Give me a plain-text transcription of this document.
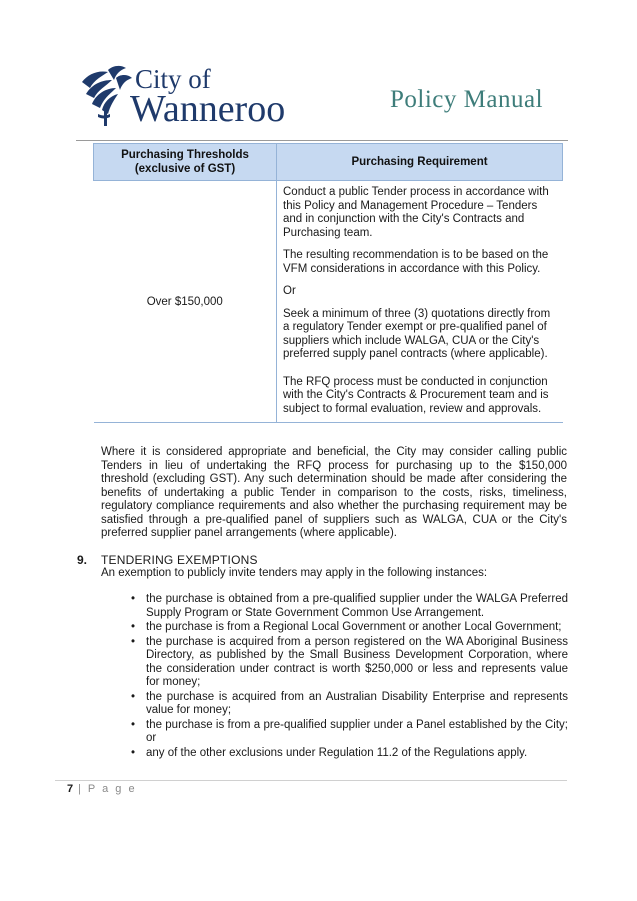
City of
Wanneroo	Policy Manual
Purchasing Thresholds (exclusive of GST)	Purchasing Requirement
Over $150,000	Conduct a public Tender process in accordance with this Policy and Management Procedure – Tenders and in conjunction with the City's Contracts and Purchasing team.

The resulting recommendation is to be based on the VFM considerations in accordance with this Policy.

Or

Seek a minimum of three (3) quotations directly from a regulatory Tender exempt or pre-qualified panel of suppliers which include WALGA, CUA or the City's preferred supply panel contracts (where applicable).

The RFQ process must be conducted in conjunction with the City's Contracts & Procurement team and is subject to formal evaluation, review and approvals.

Where it is considered appropriate and beneficial, the City may consider calling public Tenders in lieu of undertaking the RFQ process for purchasing up to the $150,000 threshold (excluding GST). Any such determination should be made after considering the benefits of undertaking a public Tender in comparison to the costs, risks, timeliness, regulatory compliance requirements and also whether the purchasing requirement may be satisfied through a pre-qualified panel of suppliers such as WALGA, CUA or the City's preferred supplier panel arrangements (where applicable).

9. TENDERING EXEMPTIONS

An exemption to publicly invite tenders may apply in the following instances:

• the purchase is obtained from a pre-qualified supplier under the WALGA Preferred Supply Program or State Government Common Use Arrangement.
• the purchase is from a Regional Local Government or another Local Government;
• the purchase is acquired from a person registered on the WA Aboriginal Business Directory, as published by the Small Business Development Corporation, where the consideration under contract is worth $250,000 or less and represents value for money;
• the purchase is acquired from an Australian Disability Enterprise and represents value for money;
• the purchase is from a pre-qualified supplier under a Panel established by the City; or
• any of the other exclusions under Regulation 11.2 of the Regulations apply.
7 | P a g e
